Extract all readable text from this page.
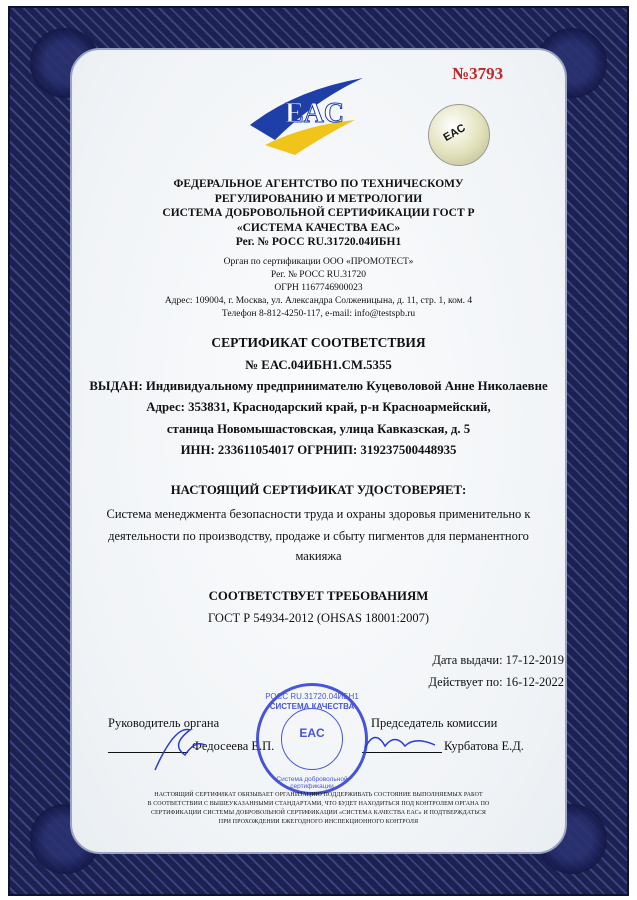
№3793
EAC
EAC
ФЕДЕРАЛЬНОЕ АГЕНТСТВО ПО ТЕХНИЧЕСКОМУ
РЕГУЛИРОВАНИЮ И МЕТРОЛОГИИ
СИСТЕМА ДОБРОВОЛЬНОЙ СЕРТИФИКАЦИИ ГОСТ Р
«СИСТЕМА КАЧЕСТВА ЕАС»
Рег. № РОСС RU.31720.04ИБН1
Орган по сертификации ООО «ПРОМОТЕСТ»
Рег. № РОСС RU.31720
ОГРН 1167746900023
Адрес: 109004, г. Москва, ул. Александра Солженицына, д. 11, стр. 1, ком. 4
Телефон 8-812-4250-117, e-mail: info@testspb.ru
СЕРТИФИКАТ СООТВЕТСТВИЯ
№ ЕАС.04ИБН1.СМ.5355
ВЫДАН: Индивидуальному предпринимателю Куцеволовой Анне Николаевне
Адрес: 353831, Краснодарский край, р-н Красноармейский,
станица Новомышастовская, улица Кавказская, д. 5
ИНН: 233611054017 ОГРНИП: 319237500448935
НАСТОЯЩИЙ СЕРТИФИКАТ УДОСТОВЕРЯЕТ:
Система менеджмента безопасности труда и охраны здоровья применительно к
деятельности по производству, продаже и сбыту пигментов для перманентного
макияжа
СООТВЕТСТВУЕТ ТРЕБОВАНИЯМ
ГОСТ Р 54934-2012 (OHSAS 18001:2007)
Дата выдачи: 17-12-2019
Действует по: 16-12-2022
Руководитель органа
Федосеева Е.П.
Председатель комиссии
Курбатова Е.Д.
РОСС RU.31720.04ИБН1
СИСТЕМА КАЧЕСТВА
EAC
Система добровольной сертификации
НАСТОЯЩИЙ СЕРТИФИКАТ ОБЯЗЫВАЕТ ОРГАНИЗАЦИЮ ПОДДЕРЖИВАТЬ СОСТОЯНИЕ ВЫПОЛНЯЕМЫХ РАБОТ
В СООТВЕТСТВИИ С ВЫШЕУКАЗАННЫМИ СТАНДАРТАМИ, ЧТО БУДЕТ НАХОДИТЬСЯ ПОД КОНТРОЛЕМ ОРГАНА ПО
СЕРТИФИКАЦИИ СИСТЕМЫ ДОБРОВОЛЬНОЙ СЕРТИФИКАЦИИ «СИСТЕМА КАЧЕСТВА ЕАС» И ПОДТВЕРЖДАТЬСЯ
ПРИ ПРОХОЖДЕНИИ ЕЖЕГОДНОГО ИНСПЕКЦИОННОГО КОНТРОЛЯ
